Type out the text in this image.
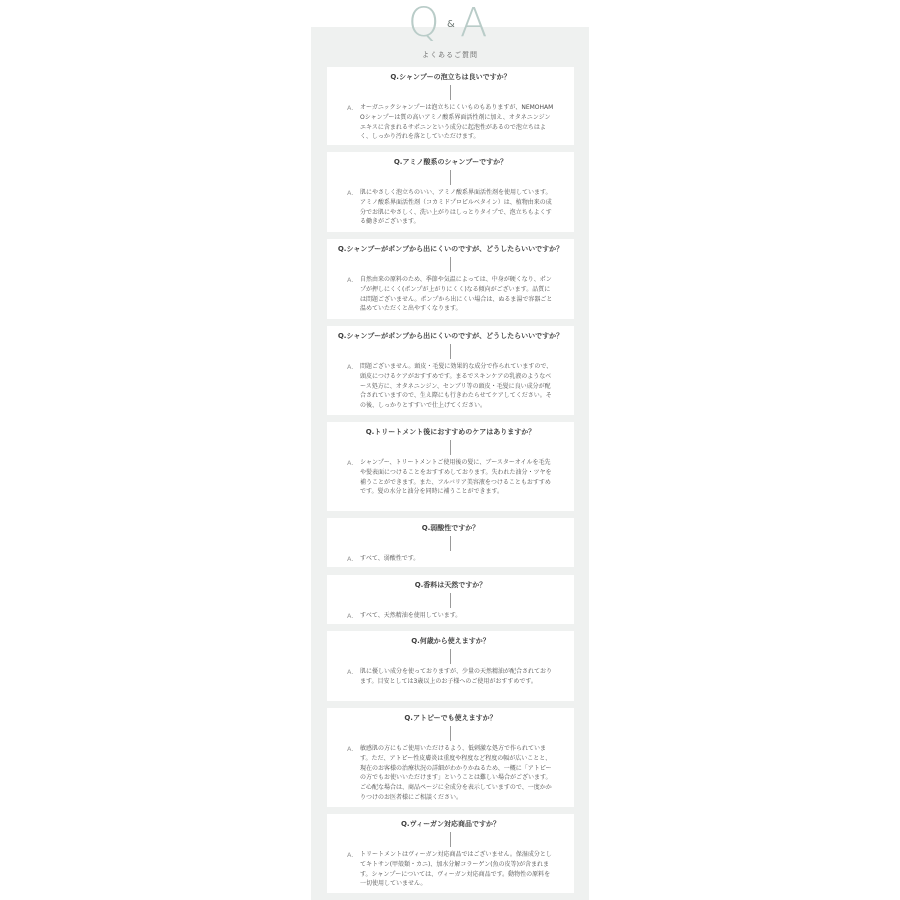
Q & A
よくあるご質問
Q.シャンプーの泡立ちは良いですか？
A. オーガニックシャンプーは泡立ちにくいものもありますが、NEMOHAMOシャンプーは質の高いアミノ酸系界面活性剤に加え、オタネニンジンエキスに含まれるサポニンという成分に起泡性があるので泡立ちはよく、しっかり汚れを落としていただけます。
Q.アミノ酸系のシャンプーですか？
A. 肌にやさしく泡立ちのいい、アミノ酸系界面活性剤を使用しています。アミノ酸系界面活性剤（コカミドプロピルベタイン）は、植物由来の成分でお肌にやさしく、洗い上がりはしっとりタイプで、泡立ちもよくする働きがございます。
Q.シャンプーがポンプから出にくいのですが、どうしたらいいですか？
A. 自然由来の原料のため、季節や気温によっては、中身が硬くなり、ポンプが押しにくく(ポンプが上がりにくく)なる傾向がございます。品質には問題ございません。ポンプから出にくい場合は、ぬるま湯で容器ごと温めていただくと出やすくなります。
Q.シャンプーがポンプから出にくいのですが、どうしたらいいですか？
A. 問題ございません。頭皮・毛髪に効果的な成分で作られていますので、頭皮につけるケアがおすすめです。まるでスキンケアの乳液のようなベース処方に、オタネニンジン、センブリ等の頭皮・毛髪に良い成分が配合されていますので、生え際にも行きわたらせてケアしてください。その後、しっかりとすすいで仕上げてください。
Q.トリートメント後におすすめのケアはありますか？
A. シャンプー、トリートメントご使用後の髪に、ブースターオイルを毛先や髪表面につけることをおすすめしております。失われた油分・ツヤを補うことができます。また、フルバリア美容液をつけることもおすすめです。髪の水分と油分を同時に補うことができます。
Q.弱酸性ですか？
A. すべて、弱酸性です。
Q.香料は天然ですか？
A. すべて、天然精油を使用しています。
Q.何歳から使えますか？
A. 肌に優しい成分を使っておりますが、少量の天然精油が配合されております。目安としては3歳以上のお子様へのご使用がおすすめです。
Q.アトピーでも使えますか？
A. 敏感肌の方にもご使用いただけるよう、低刺激な処方で作られています。ただ、アトピー性皮膚炎は重度や程度など程度の幅が広いことと、現在のお客様の治療状況の詳細がわかりかねるため、一概に「アトピーの方でもお使いいただけます」ということは難しい場合がございます。ご心配な場合は、商品ページに全成分を表示していますので、一度かかりつけのお医者様にご相談ください。
Q.ヴィーガン対応商品ですか？
A. トリートメントはヴィーガン対応商品ではございません。保湿成分としてキトサン(甲殻類・カニ)、加水分解コラーゲン(魚の皮等)が含まれます。シャンプーについては、ヴィーガン対応商品です。動物性の原料を一切使用していません。
